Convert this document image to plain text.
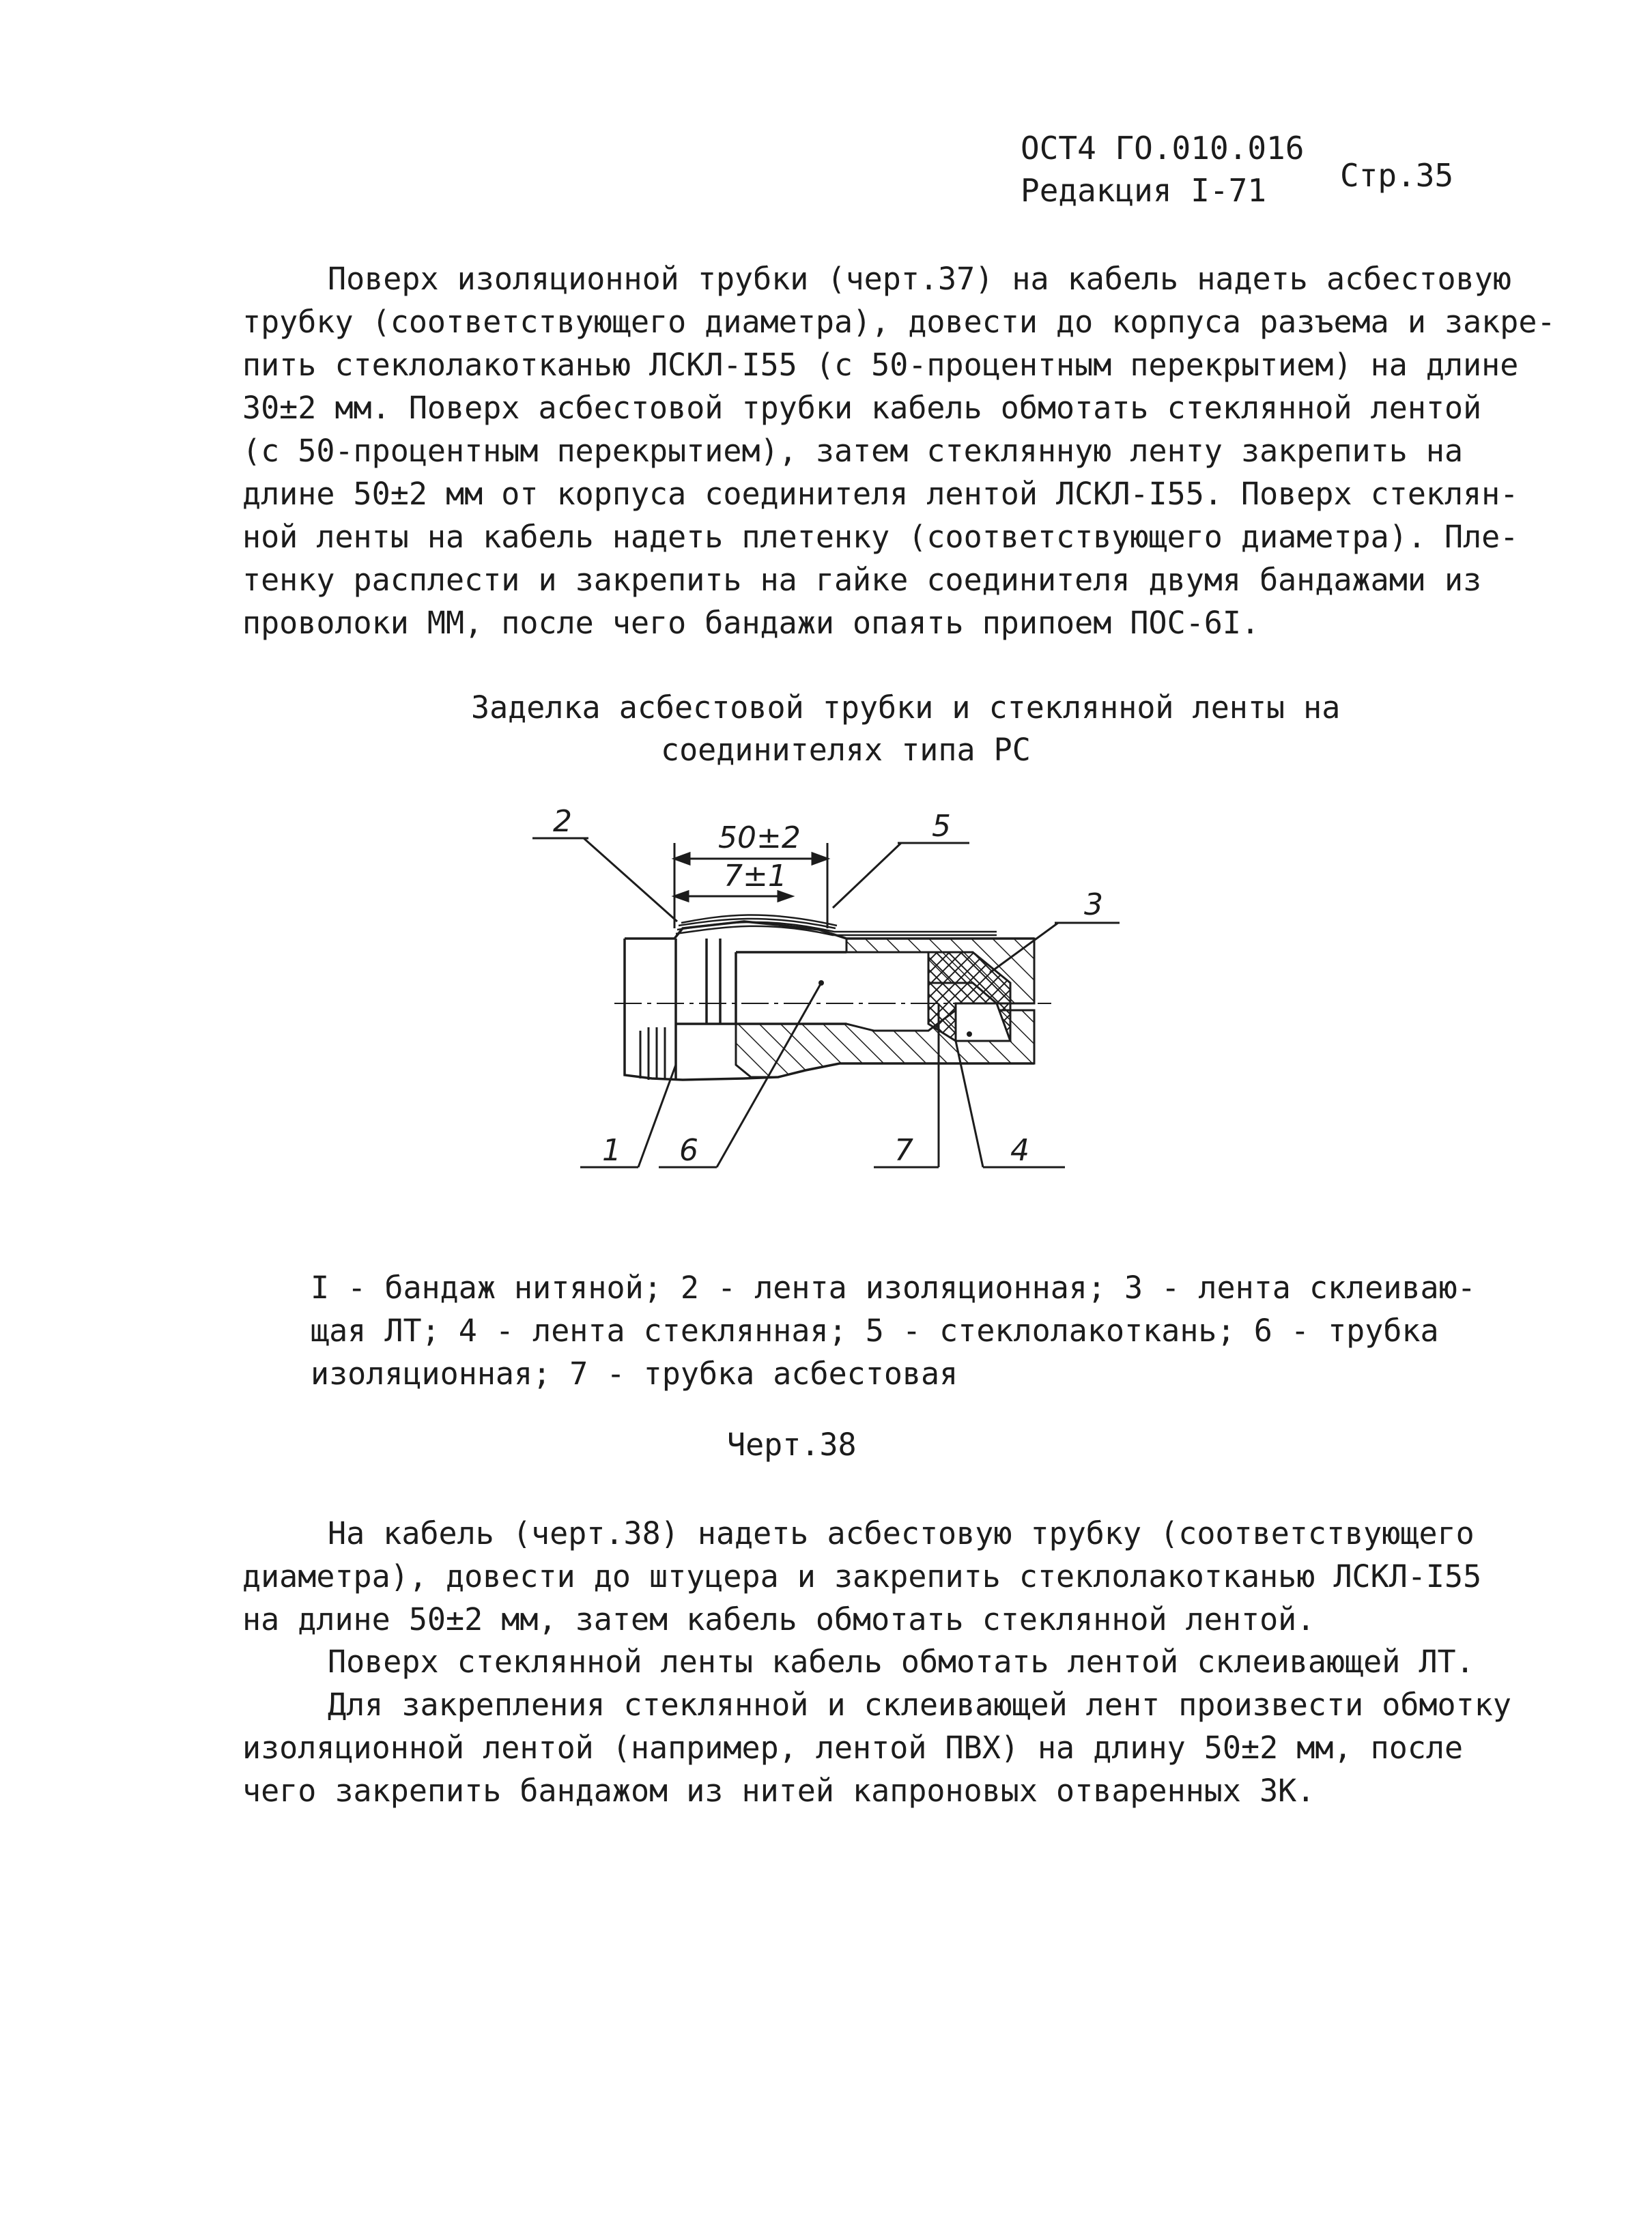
ОСТ4 ГО.010.016
Редакция I-71 Стр.35
Поверх изоляционной трубки (черт.37) на кабель надеть асбестовую
трубку (соответствующего диаметра), довести до корпуса разъема и закре-
пить стеклолакотканью ЛСКЛ-I55 (с 50-процентным перекрытием) на длине
30±2 мм. Поверх асбестовой трубки кабель обмотать стеклянной лентой
(с 50-процентным перекрытием), затем стеклянную ленту закрепить на
длине 50±2 мм от корпуса соединителя лентой ЛСКЛ-I55. Поверх стеклян-
ной ленты на кабель надеть плетенку (соответствующего диаметра). Пле-
тенку расплести и закрепить на гайке соединителя двумя бандажами из
проволоки ММ, после чего бандажи опаять припоем ПОС-6I.
Заделка асбестовой трубки и стеклянной ленты на
соединителях типа РС
50±2
7±1
2	5
3
1 6	7	4
I - бандаж нитяной; 2 - лента изоляционная; 3 - лента склеиваю-
щая ЛТ; 4 - лента стеклянная; 5 - стеклолакоткань; 6 - трубка
изоляционная; 7 - трубка асбестовая
Черт.38
На кабель (черт.38) надеть асбестовую трубку (соответствующего
диаметра), довести до штуцера и закрепить стеклолакотканью ЛСКЛ-I55
на длине 50±2 мм, затем кабель обмотать стеклянной лентой.
Поверх стеклянной ленты кабель обмотать лентой склеивающей ЛТ.
Для закрепления стеклянной и склеивающей лент произвести обмотку
изоляционной лентой (например, лентой ПВХ) на длину 50±2 мм, после
чего закрепить бандажом из нитей капроновых отваренных ЗК.
